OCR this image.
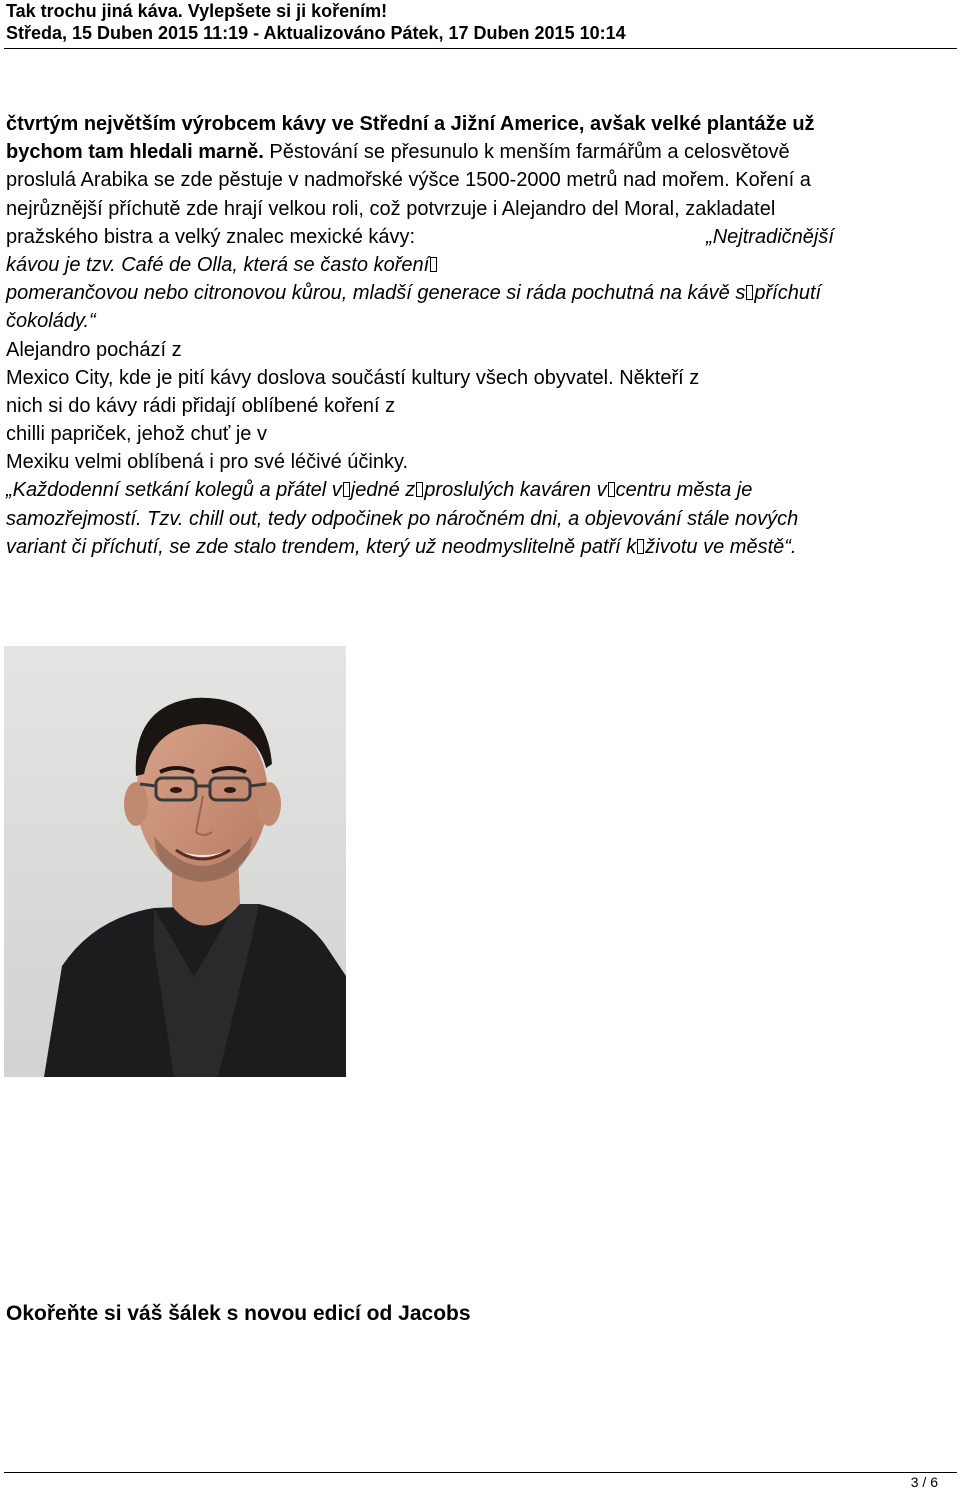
Tak trochu jiná káva. Vylepšete si ji kořením!
Středa, 15 Duben 2015 11:19 - Aktualizováno Pátek, 17 Duben 2015 10:14
čtvrtým největším výrobcem kávy ve Střední a Jižní Americe, avšak velké plantáže už
bychom tam hledali marně. Pěstování se přesunulo k menším farmářům a celosvětově
proslulá Arabika se zde pěstuje v nadmořské výšce 1500-2000 metrů nad mořem. Koření a
nejrůznější příchutě zde hrají velkou roli, což potvrzuje i Alejandro del Moral, zakladatel
pražského bistra a velký znalec mexické kávy:	„Nejtradičnější
kávou je tzv. Café de Olla, která se často koření
pomerančovou nebo citronovou kůrou, mladší generace si ráda pochutná na kávě s příchutí
čokolády.“
Alejandro pochází z
Mexico City, kde je pití kávy doslova součástí kultury všech obyvatel. Někteří z
nich si do kávy rádi přidají oblíbené koření z
chilli papriček, jehož chuť je v
Mexiku velmi oblíbená i pro své léčivé účinky.
„Každodenní setkání kolegů a přátel v jedné z proslulých kaváren v centru města je
samozřejmostí. Tzv. chill out, tedy odpočinek po náročném dni, a objevování stále nových
variant či příchutí, se zde stalo trendem, který už neodmyslitelně patří k životu ve městě“.
Okořeňte si váš šálek s novou edicí od Jacobs
3 / 6
